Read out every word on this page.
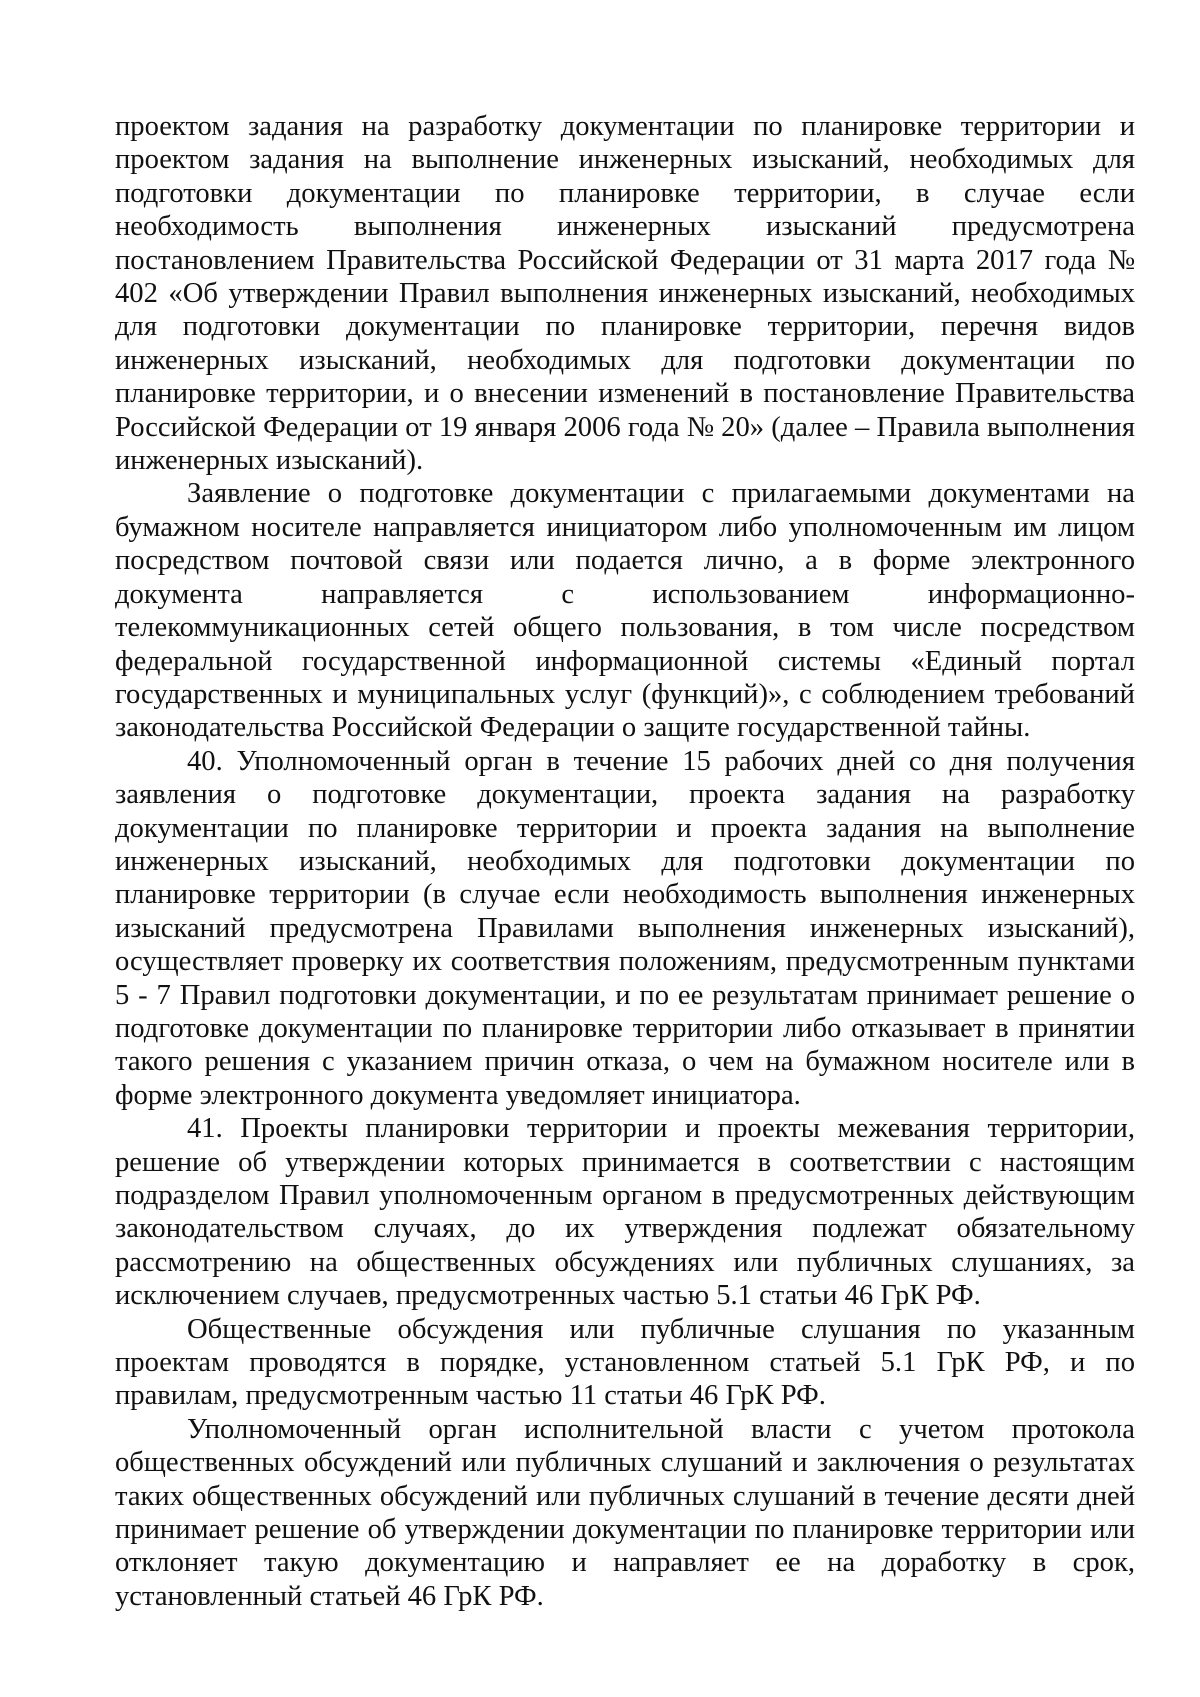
проектом задания на разработку документации по планировке территории и проектом задания на выполнение инженерных изысканий, необходимых для подготовки документации по планировке территории, в случае если необходимость выполнения инженерных изысканий предусмотрена постановлением Правительства Российской Федерации от 31 марта 2017 года № 402 «Об утверждении Правил выполнения инженерных изысканий, необходимых для подготовки документации по планировке территории, перечня видов инженерных изысканий, необходимых для подготовки документации по планировке территории, и о внесении изменений в постановление Правительства Российской Федерации от 19 января 2006 года № 20» (далее – Правила выполнения инженерных изысканий).

Заявление о подготовке документации с прилагаемыми документами на бумажном носителе направляется инициатором либо уполномоченным им лицом посредством почтовой связи или подается лично, а в форме электронного документа направляется с использованием информационно-телекоммуникационных сетей общего пользования, в том числе посредством федеральной государственной информационной системы «Единый портал государственных и муниципальных услуг (функций)», с соблюдением требований законодательства Российской Федерации о защите государственной тайны.

40. Уполномоченный орган в течение 15 рабочих дней со дня получения заявления о подготовке документации, проекта задания на разработку документации по планировке территории и проекта задания на выполнение инженерных изысканий, необходимых для подготовки документации по планировке территории (в случае если необходимость выполнения инженерных изысканий предусмотрена Правилами выполнения инженерных изысканий), осуществляет проверку их соответствия положениям, предусмотренным пунктами 5 - 7 Правил подготовки документации, и по ее результатам принимает решение о подготовке документации по планировке территории либо отказывает в принятии такого решения с указанием причин отказа, о чем на бумажном носителе или в форме электронного документа уведомляет инициатора.

41. Проекты планировки территории и проекты межевания территории, решение об утверждении которых принимается в соответствии с настоящим подразделом Правил уполномоченным органом в предусмотренных действующим законодательством случаях, до их утверждения подлежат обязательному рассмотрению на общественных обсуждениях или публичных слушаниях, за исключением случаев, предусмотренных частью 5.1 статьи 46 ГрК РФ.

Общественные обсуждения или публичные слушания по указанным проектам проводятся в порядке, установленном статьей 5.1 ГрК РФ, и по правилам, предусмотренным частью 11 статьи 46 ГрК РФ.

Уполномоченный орган исполнительной власти с учетом протокола общественных обсуждений или публичных слушаний и заключения о результатах таких общественных обсуждений или публичных слушаний в течение десяти дней принимает решение об утверждении документации по планировке территории или отклоняет такую документацию и направляет ее на доработку в срок, установленный статьей 46 ГрК РФ.
